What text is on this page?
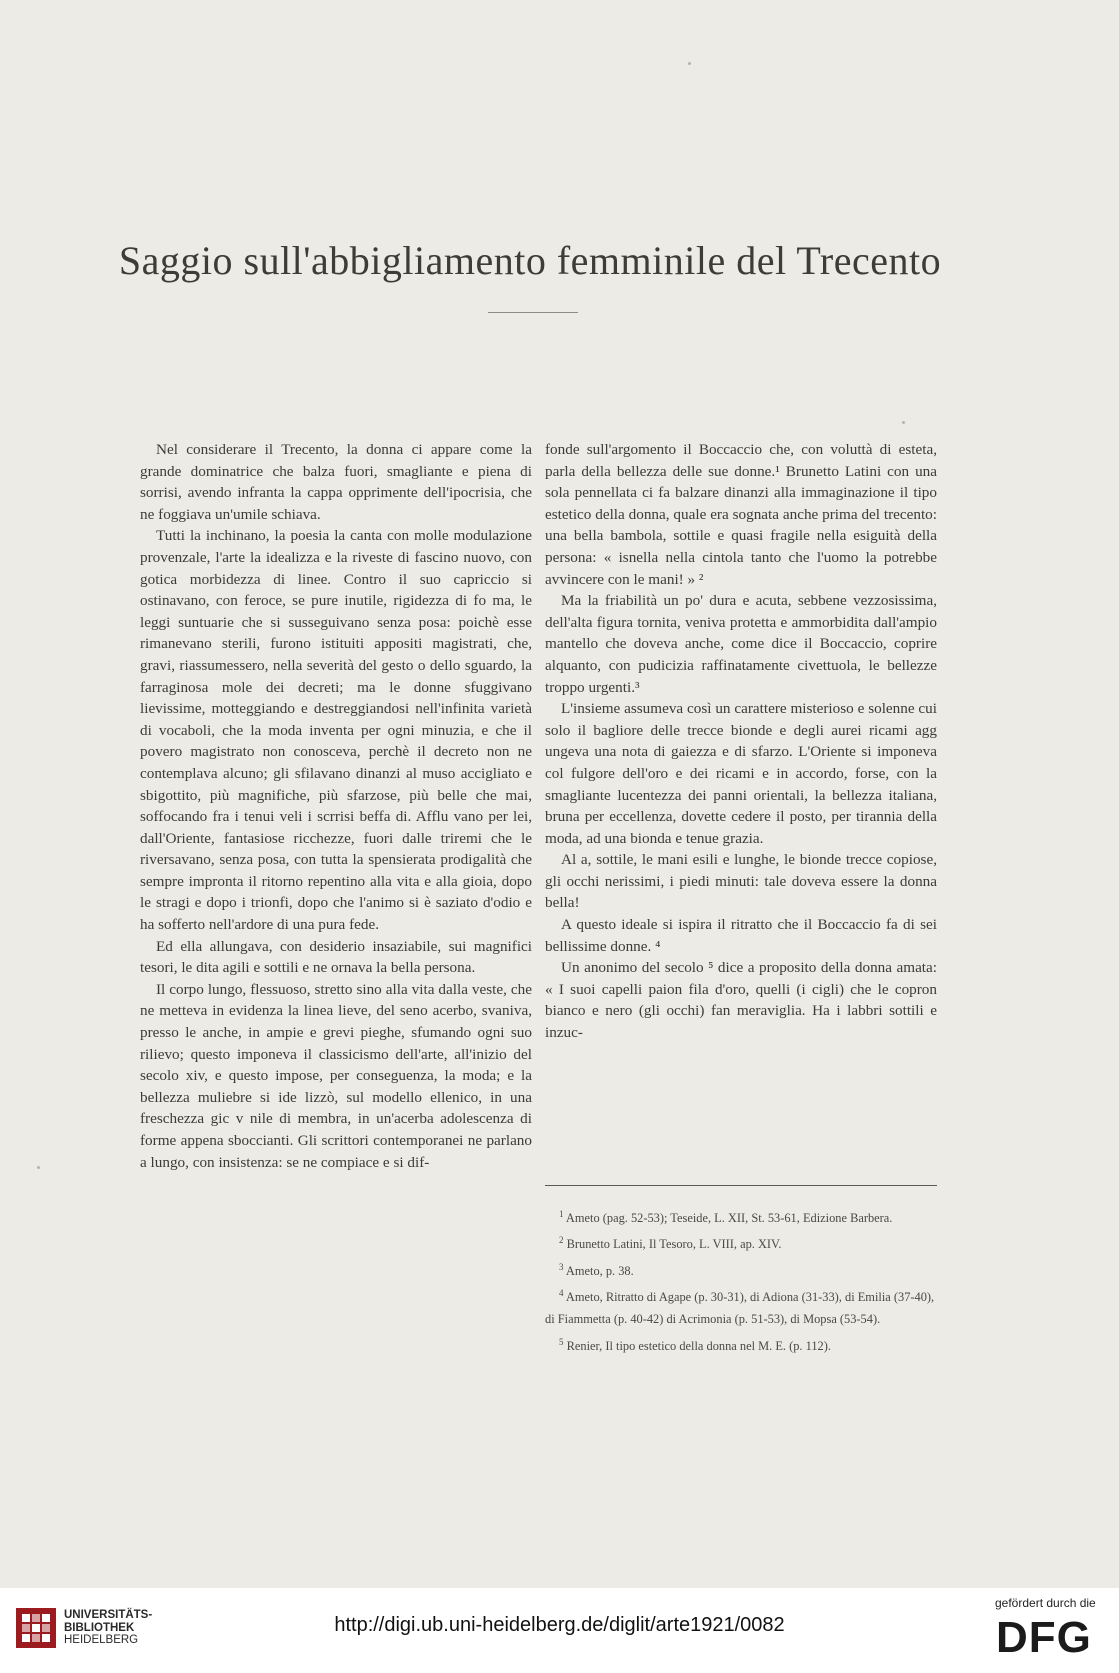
Saggio sull'abbigliamento femminile del Trecento

Nel considerare il Trecento, la donna ci appare come la grande dominatrice che balza fuori, smagliante e piena di sorrisi, avendo infranta la cappa opprimente dell'ipocrisia, che ne foggiava un'umile schiava.

Tutti la inchinano, la poesia la canta con molle modulazione provenzale, l'arte la idealizza e la riveste di fascino nuovo, con gotica morbidezza di linee. Contro il suo capriccio si ostinavano, con feroce, se pure inutile, rigidezza di fo ma, le leggi suntuarie che si susseguivano senza posa: poichè esse rimanevano sterili, furono istituiti appositi magistrati, che, gravi, riassumessero, nella severità del gesto o dello sguardo, la farraginosa mole dei decreti; ma le donne sfuggivano lievissime, motteggiando e destreggiandosi nell'infinita varietà di vocaboli, che la moda inventa per ogni minuzia, e che il povero magistrato non conosceva, perchè il decreto non ne contemplava alcuno; gli sfilavano dinanzi al muso accigliato e sbigottito, più magnifiche, più sfarzose, più belle che mai, soffocando fra i tenui veli i scrrisi beffa di. Afflu vano per lei, dall'Oriente, fantasiose ricchezze, fuori dalle triremi che le riversavano, senza posa, con tutta la spensierata prodigalità che sempre impronta il ritorno repentino alla vita e alla gioia, dopo le stragi e dopo i trionfi, dopo che l'animo si è saziato d'odio e ha sofferto nell'ardore di una pura fede.

Ed ella allungava, con desiderio insaziabile, sui magnifici tesori, le dita agili e sottili e ne ornava la bella persona.

Il corpo lungo, flessuoso, stretto sino alla vita dalla veste, che ne metteva in evidenza la linea lieve, del seno acerbo, svaniva, presso le anche, in ampie e grevi pieghe, sfumando ogni suo rilievo; questo imponeva il classicismo dell'arte, all'inizio del secolo xiv, e questo impose, per conseguenza, la moda; e la bellezza muliebre si ide lizzò, sul modello ellenico, in una freschezza gic v nile di membra, in un'acerba adolescenza di forme appena sboccianti. Gli scrittori contemporanei ne parlano a lungo, con insistenza: se ne compiace e si dif-

fonde sull'argomento il Boccaccio che, con voluttà di esteta, parla della bellezza delle sue donne.¹ Brunetto Latini con una sola pennellata ci fa balzare dinanzi alla immaginazione il tipo estetico della donna, quale era sognata anche prima del trecento: una bella bambola, sottile e quasi fragile nella esiguità della persona: « isnella nella cintola tanto che l'uomo la potrebbe avvincere con le mani! » ²

Ma la friabilità un po' dura e acuta, sebbene vezzosissima, dell'alta figura tornita, veniva protetta e ammorbidita dall'ampio mantello che doveva anche, come dice il Boccaccio, coprire alquanto, con pudicizia raffinatamente civettuola, le bellezze troppo urgenti.³

L'insieme assumeva così un carattere misterioso e solenne cui solo il bagliore delle trecce bionde e degli aurei ricami agg ungeva una nota di gaiezza e di sfarzo. L'Oriente si imponeva col fulgore dell'oro e dei ricami e in accordo, forse, con la smagliante lucentezza dei panni orientali, la bellezza italiana, bruna per eccellenza, dovette cedere il posto, per tirannia della moda, ad una bionda e tenue grazia.

Al a, sottile, le mani esili e lunghe, le bionde trecce copiose, gli occhi nerissimi, i piedi minuti: tale doveva essere la donna bella!

A questo ideale si ispira il ritratto che il Boccaccio fa di sei bellissime donne. ⁴

Un anonimo del secolo ⁵ dice a proposito della donna amata: « I suoi capelli paion fila d'oro, quelli (i cigli) che le copron bianco e nero (gli occhi) fan meraviglia. Ha i labbri sottili e inzuc-

$^1$ Ameto (pag. 52-53); Teseide, L. XII, St. 53-61, Edizione Barbera.
$^2$ Brunetto Latini, Il Tesoro, L. VIII, ap. XIV.
$^3$ Ameto, p. 38.
$^4$ Ameto, Ritratto di Agape (p. 30-31), di Adiona (31-33), di Emilia (37-40), di Fiammetta (p. 40-42) di Acrimonia (p. 51-53), di Mopsa (53-54).
$^5$ Renier, Il tipo estetico della donna nel M. E. (p. 112).
UNIVERSITÄTS-
BIBLIOTHEK
HEIDELBERG
http://digi.ub.uni-heidelberg.de/diglit/arte1921/0082
gefördert durch die
DFG
